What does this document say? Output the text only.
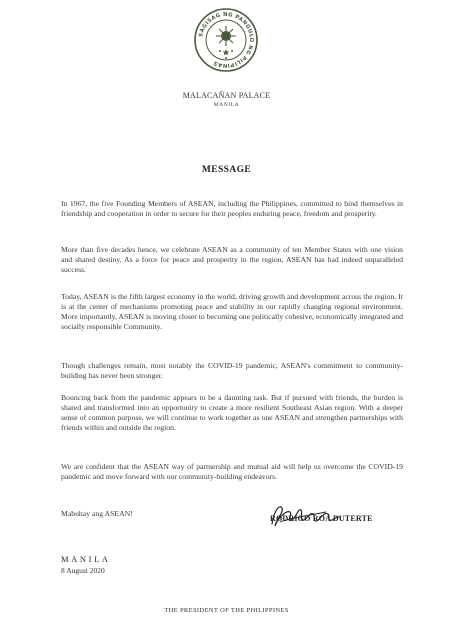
SAGISAG NG PANGULO NG PILIPINAS
MALACAÑAN PALACE
MANILA
MESSAGE
In 1967, the five Founding Members of ASEAN, including the Philippines, committed to bind themselves in friendship and cooperation in order to secure for their peoples enduring peace, freedom and prosperity.
More than five decades hence, we celebrate ASEAN as a community of ten Member States with one vision and shared destiny. As a force for peace and prosperity in the region, ASEAN has had indeed unparalleled success.
Today, ASEAN is the fifth largest economy in the world, driving growth and development across the region. It is at the center of mechanisms promoting peace and stability in our rapidly changing regional environment. More importantly, ASEAN is moving closer to becoming one politically cohesive, economically integrated and socially responsible Community.
Though challenges remain, most notably the COVID-19 pandemic, ASEAN's commitment to community-building has never been stronger.
Bouncing back from the pandemic appears to be a daunting task. But if pursued with friends, the burden is shared and transformed into an opportunity to create a more resilient Southeast Asian region. With a deeper sense of common purpose, we will continue to work together as one ASEAN and strengthen partnerships with friends within and outside the region.
We are confident that the ASEAN way of partnership and mutual aid will help us overcome the COVID-19 pandemic and move forward with our community-building endeavors.
Mabuhay ang ASEAN!
RODRIGO ROA DUTERTE
MANILA
8 August 2020
THE PRESIDENT OF THE PHILIPPINES
